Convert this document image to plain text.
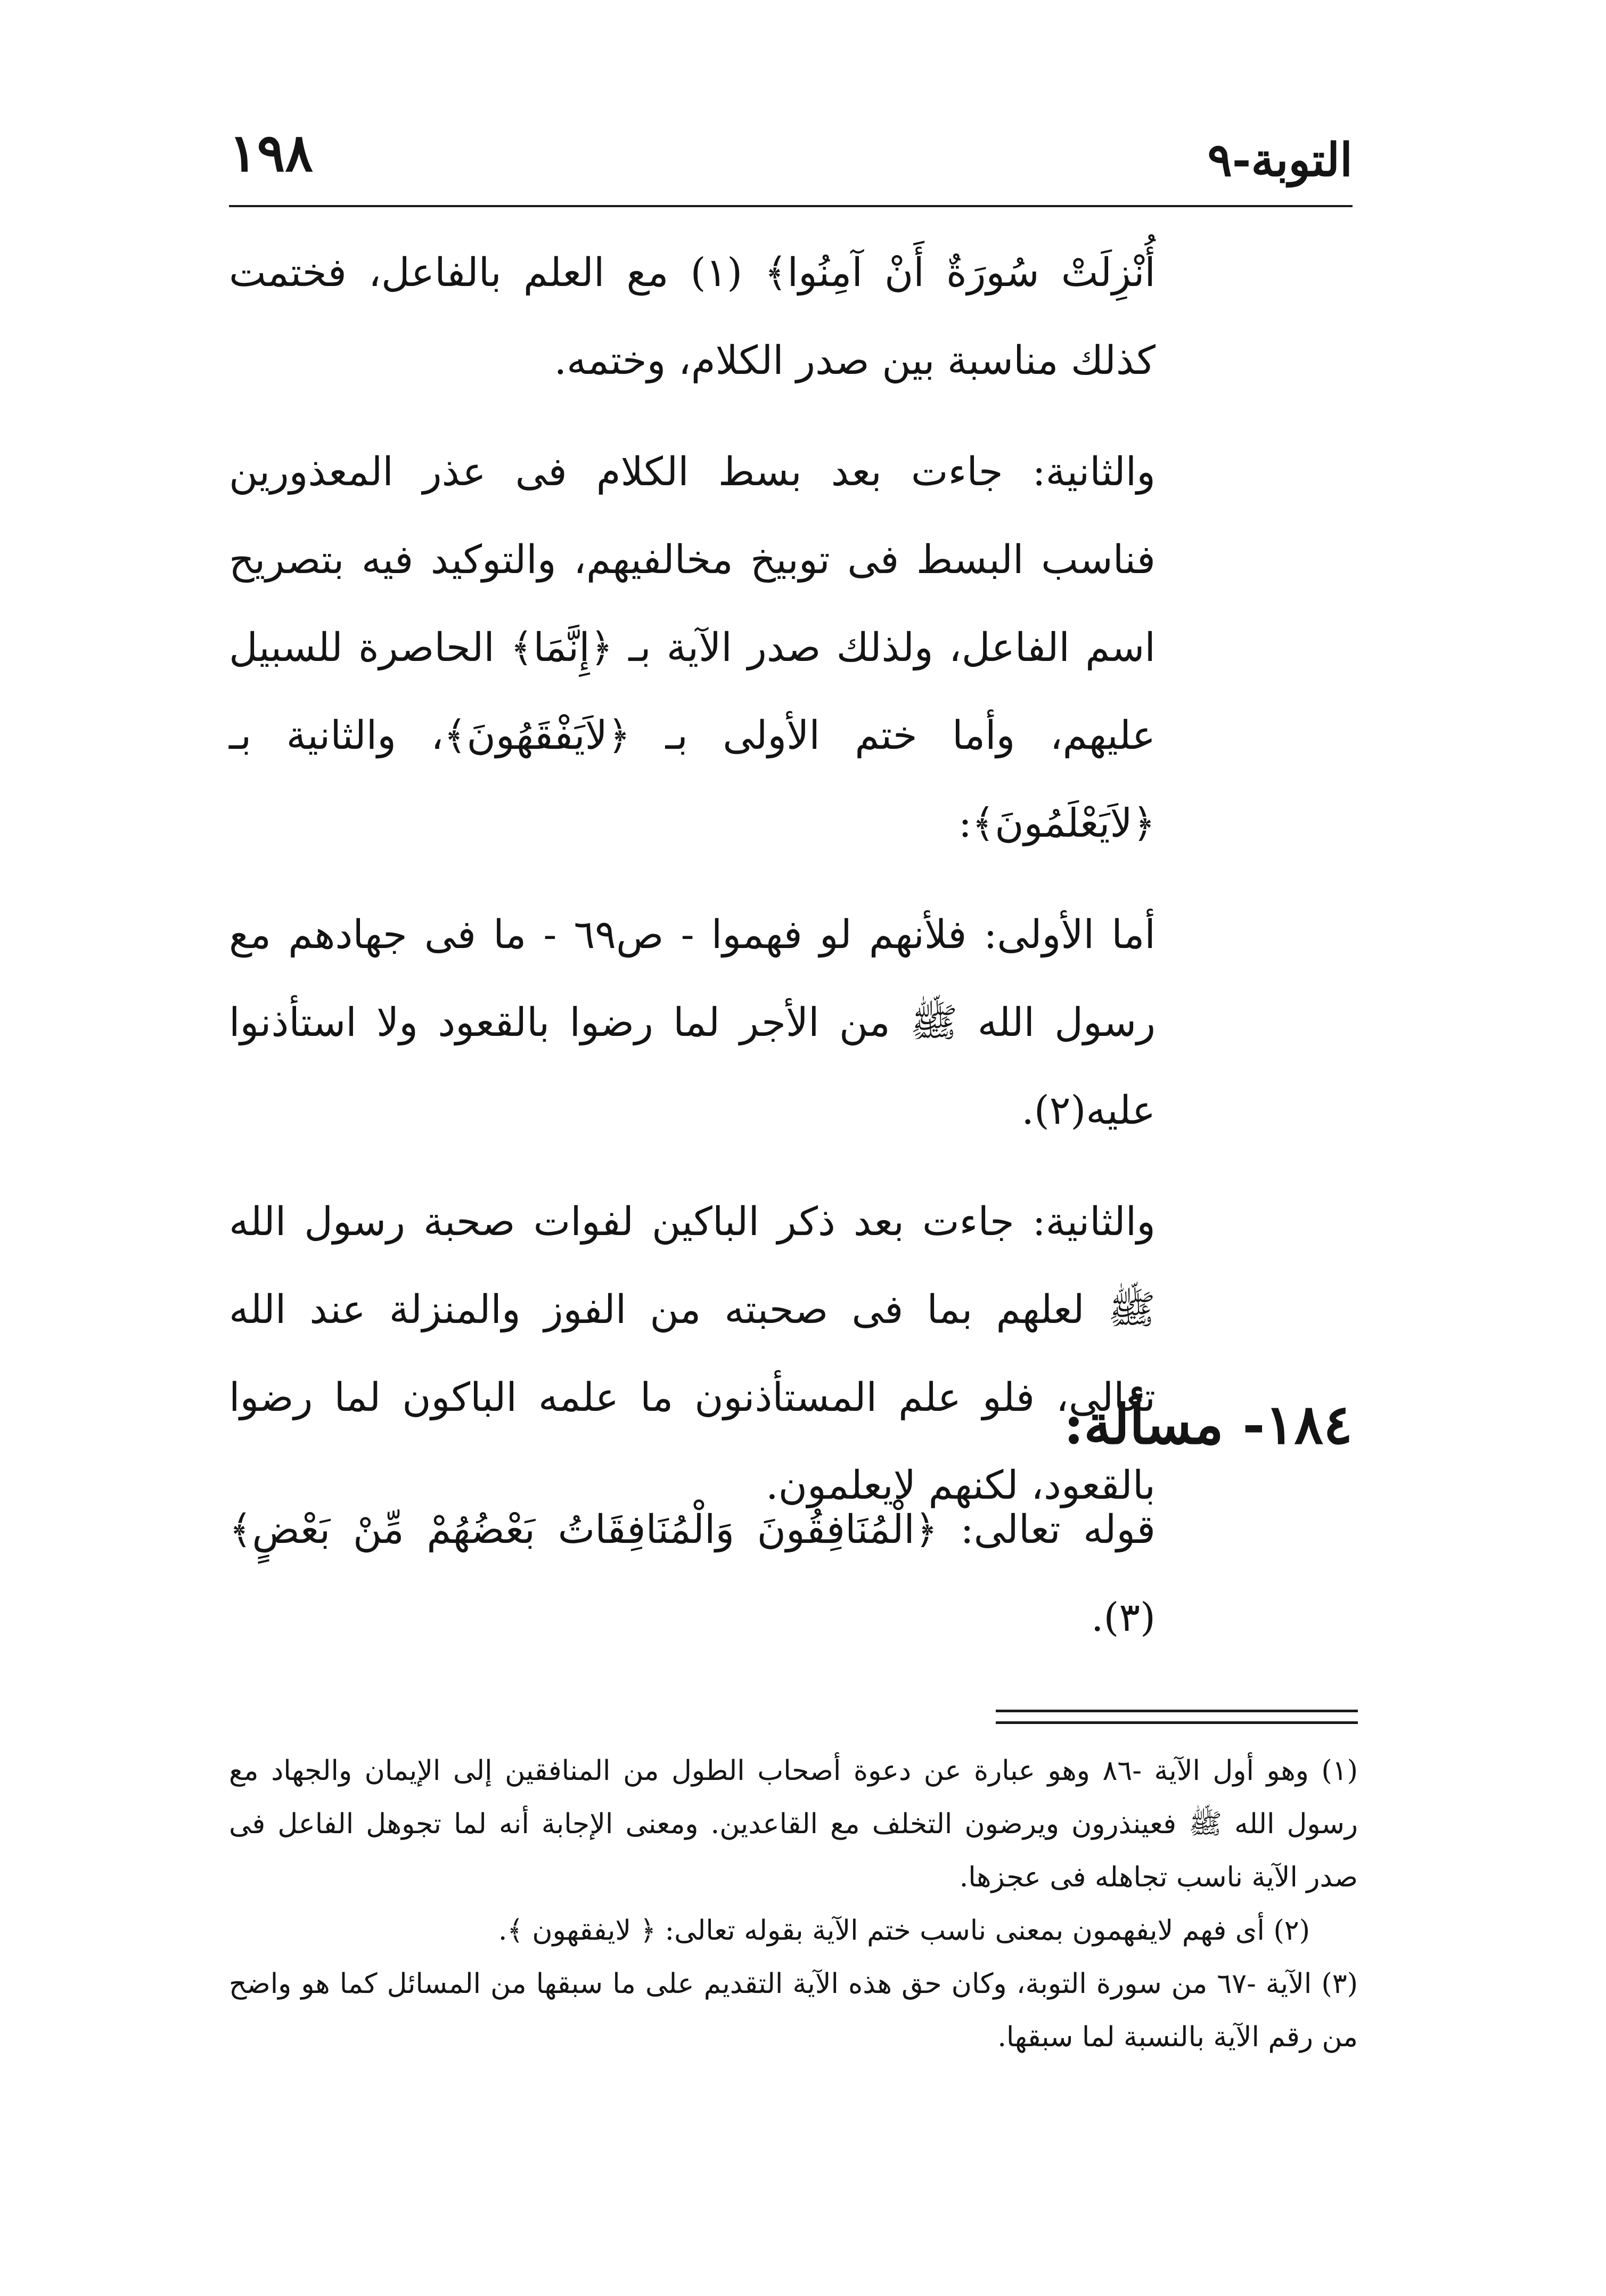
التوبة-٩
١٩٨

أُنْزِلَتْ سُورَةٌ أَنْ آمِنُوا﴾ (١) مع العلم بالفاعل، فختمت كذلك مناسبة بين صدر الكلام، وختمه.

والثانية: جاءت بعد بسط الكلام فى عذر المعذورين فناسب البسط فى توبيخ مخالفيهم، والتوكيد فيه بتصريح اسم الفاعل، ولذلك صدر الآية بـ ﴿إِنَّمَا﴾ الحاصرة للسبيل عليهم، وأما ختم الأولى بـ ﴿لاَيَفْقَهُونَ﴾، والثانية بـ ﴿لاَيَعْلَمُونَ﴾:

أما الأولى: فلأنهم لو فهموا - ص٦٩ - ما فى جهادهم مع رسول الله ﷺ من الأجر لما رضوا بالقعود ولا استأذنوا عليه(٢).

والثانية: جاءت بعد ذكر الباكين لفوات صحبة رسول الله ﷺ لعلهم بما فى صحبته من الفوز والمنزلة عند الله تعالى، فلو علم المستأذنون ما علمه الباكون لما رضوا بالقعود، لكنهم لايعلمون.

١٨٤- مسألة:

قوله تعالى: ﴿الْمُنَافِقُونَ وَالْمُنَافِقَاتُ بَعْضُهُمْ مِّنْ بَعْضٍ﴾(٣).

(١) وهو أول الآية -٨٦ وهو عبارة عن دعوة أصحاب الطول من المنافقين إلى الإيمان والجهاد مع رسول الله ﷺ فعينذرون ويرضون التخلف مع القاعدين. ومعنى الإجابة أنه لما تجوهل الفاعل فى صدر الآية ناسب تجاهله فى عجزها.

(٢) أى فهم لايفهمون بمعنى ناسب ختم الآية بقوله تعالى: ﴿ لايفقهون ﴾.

(٣) الآية -٦٧ من سورة التوبة، وكان حق هذه الآية التقديم على ما سبقها من المسائل كما هو واضح من رقم الآية بالنسبة لما سبقها.
